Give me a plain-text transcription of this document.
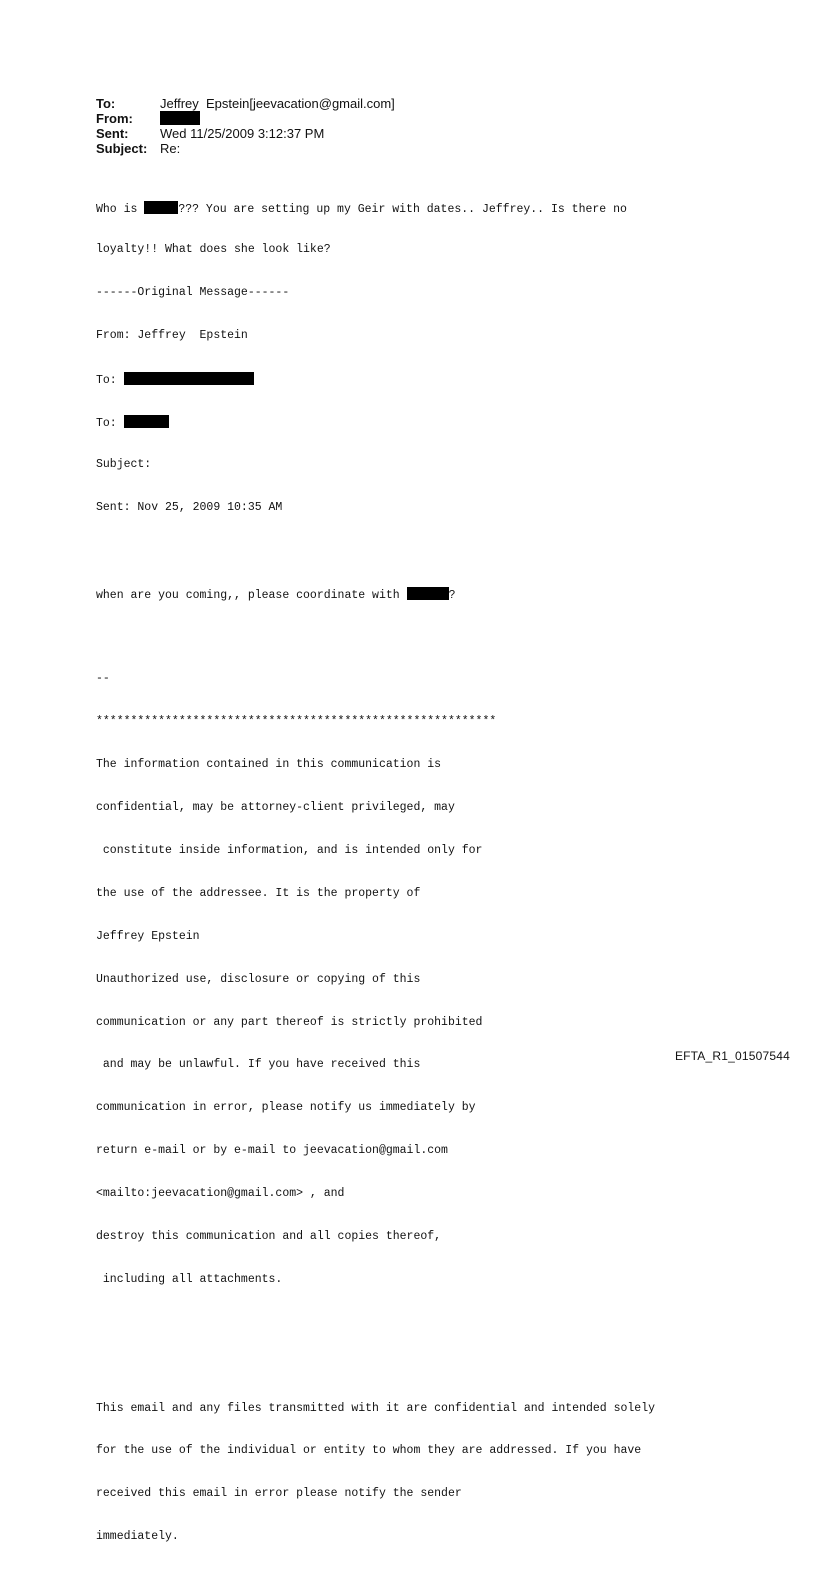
To:	Jeffrey  Epstein[jeevacation@gmail.com]
From:
Sent:	Wed 11/25/2009 3:12:37 PM
Subject: Re:

Who is	??? You are setting up my Geir with dates.. Jeffrey.. Is there no

loyalty!! What does she look like?

------Original Message------

From: Jeffrey  Epstein

To:

To:

Subject:

Sent: Nov 25, 2009 10:35 AM

when are you coming,, please coordinate with	?

--

**********************************************************

The information contained in this communication is

confidential, may be attorney-client privileged, may

constitute inside information, and is intended only for

the use of the addressee. It is the property of

Jeffrey Epstein

Unauthorized use, disclosure or copying of this

communication or any part thereof is strictly prohibited

and may be unlawful. If you have received this

communication in error, please notify us immediately by

return e-mail or by e-mail to jeevacation@gmail.com

<mailto:jeevacation@gmail.com> , and

destroy this communication and all copies thereof,

including all attachments.

This email and any files transmitted with it are confidential and intended solely

for the use of the individual or entity to whom they are addressed. If you have

received this email in error please notify the sender

immediately.

EFTA_R1_01507544
